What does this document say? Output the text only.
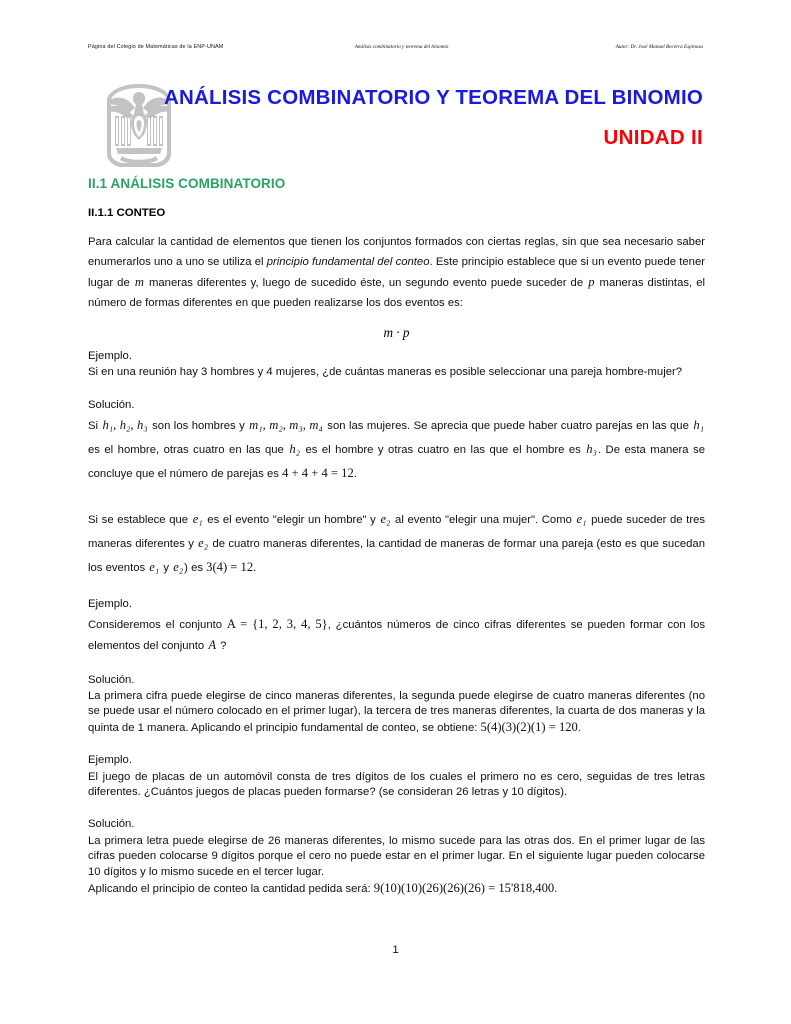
Página del Colegio de Matemáticas de la ENP-UNAM	Análisis combinatorio y teorema del binomio	Autor: Dr. José Manuel Becerra Espinosa
ANÁLISIS COMBINATORIO Y TEOREMA DEL BINOMIO
UNIDAD II
II.1 ANÁLISIS COMBINATORIO
II.1.1 CONTEO

Para calcular la cantidad de elementos que tienen los conjuntos formados con ciertas reglas, sin que sea necesario saber enumerarlos uno a uno se utiliza el principio fundamental del conteo. Este principio establece que si un evento puede tener lugar de m maneras diferentes y, luego de sucedido éste, un segundo evento puede suceder de p maneras distintas, el número de formas diferentes en que pueden realizarse los dos eventos es:

m · p

Ejemplo.

Si en una reunión hay 3 hombres y 4 mujeres, ¿de cuántas maneras es posible seleccionar una pareja hombre-mujer?

Solución.

Si h₁, h₂, h₃ son los hombres y m₁, m₂, m₃, m₄ son las mujeres. Se aprecia que puede haber cuatro parejas en las que h₁ es el hombre, otras cuatro en las que h₂ es el hombre y otras cuatro en las que el hombre es h₃. De esta manera se concluye que el número de parejas es 4 + 4 + 4 = 12.

Si se establece que e₁ es el evento "elegir un hombre" y e₂ al evento "elegir una mujer". Como e₁ puede suceder de tres maneras diferentes y e₂ de cuatro maneras diferentes, la cantidad de maneras de formar una pareja (esto es que sucedan los eventos e₁ y e₂) es 3(4) = 12.

Ejemplo.

Consideremos el conjunto A = {1, 2, 3, 4, 5}, ¿cuántos números de cinco cifras diferentes se pueden formar con los elementos del conjunto A ?

Solución.

La primera cifra puede elegirse de cinco maneras diferentes, la segunda puede elegirse de cuatro maneras diferentes (no se puede usar el número colocado en el primer lugar), la tercera de tres maneras diferentes, la cuarta de dos maneras y la quinta de 1 manera. Aplicando el principio fundamental de conteo, se obtiene: 5(4)(3)(2)(1) = 120.

Ejemplo.

El juego de placas de un automóvil consta de tres dígitos de los cuales el primero no es cero, seguidas de tres letras diferentes. ¿Cuántos juegos de placas pueden formarse? (se consideran 26 letras y 10 dígitos).

Solución.

La primera letra puede elegirse de 26 maneras diferentes, lo mismo sucede para las otras dos. En el primer lugar de las cifras pueden colocarse 9 dígitos porque el cero no puede estar en el primer lugar. En el siguiente lugar pueden colocarse 10 dígitos y lo mismo sucede en el tercer lugar.

Aplicando el principio de conteo la cantidad pedida será: 9(10)(10)(26)(26)(26) = 15'818,400.

1
